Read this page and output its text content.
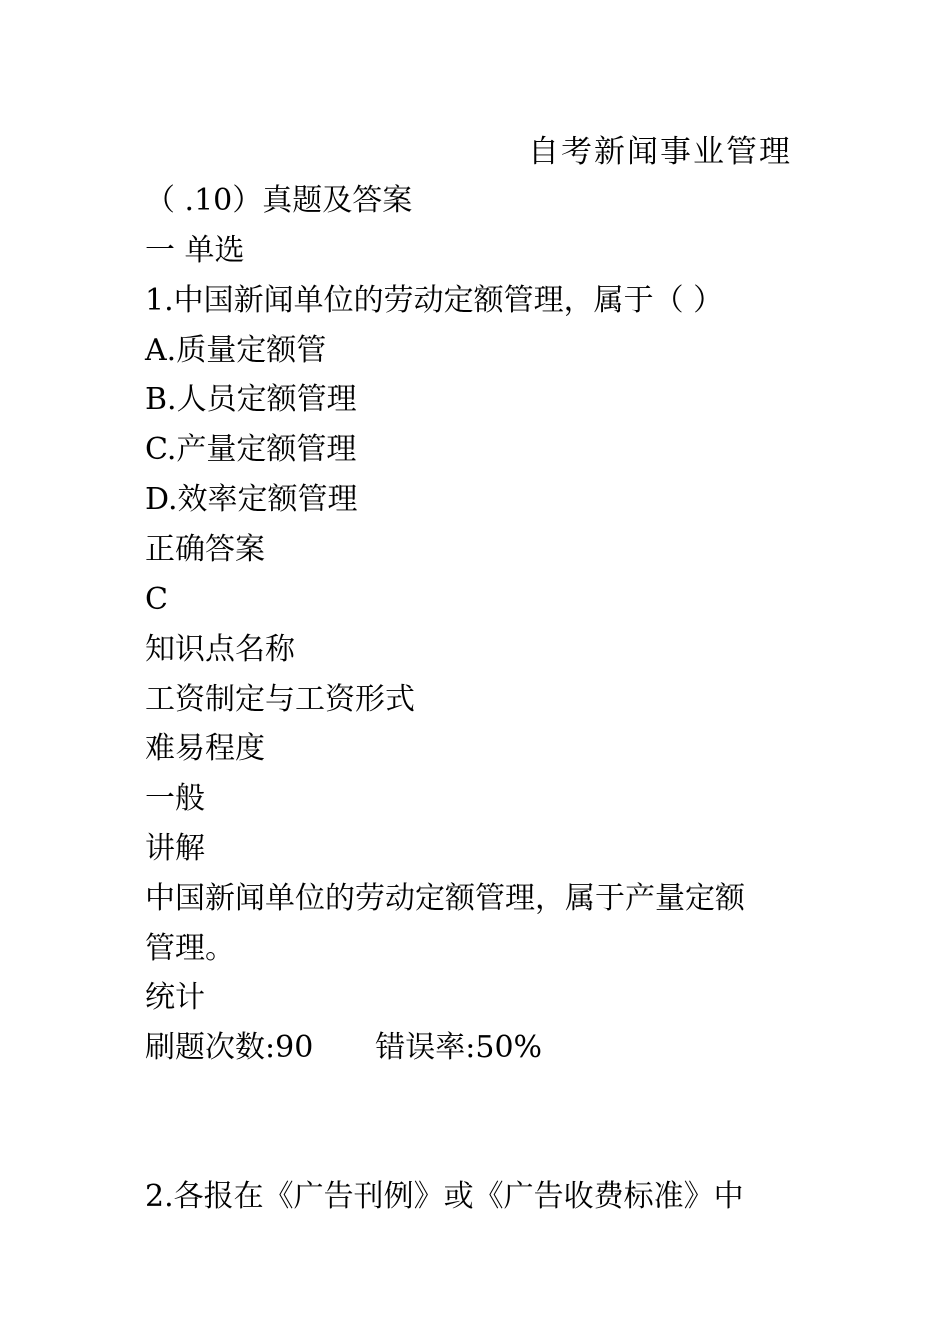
自考新闻事业管理
（ .10）真题及答案
一 单选
1.中国新闻单位的劳动定额管理，属于（ ）
A.质量定额管
B.人员定额管理
C.产量定额管理
D.效率定额管理
正确答案
C
知识点名称
工资制定与工资形式
难易程度
一般
讲解
中国新闻单位的劳动定额管理，属于产量定额
管理。
统计
刷题次数:90 错误率:50%
2.各报在《广告刊例》或《广告收费标准》中
